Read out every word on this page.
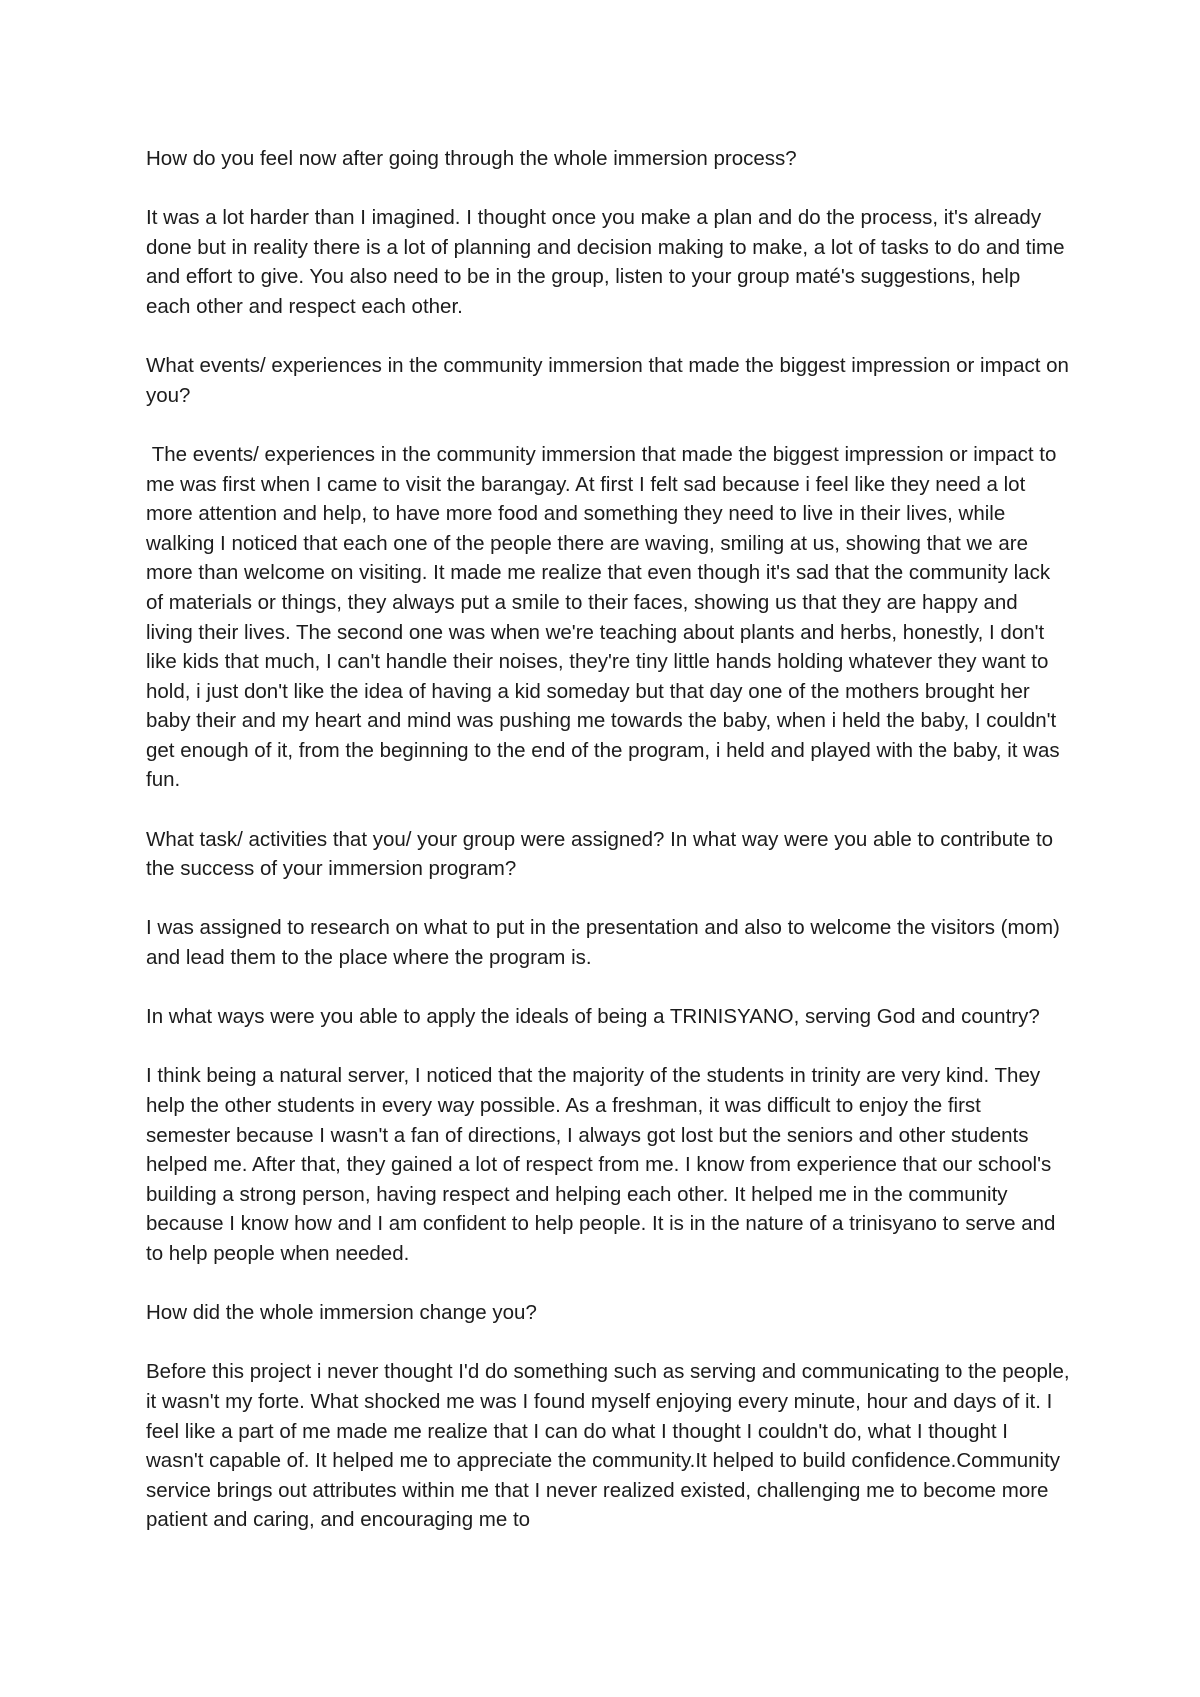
How do you feel now after going through the whole immersion process?

It was a lot harder than I imagined. I thought once you make a plan and do the process, it's already done but in reality there is a lot of planning and decision making to make, a lot of tasks to do and time and effort to give. You also need to be in the group, listen to your group maté's suggestions, help each other and respect each other.

What events/ experiences in the community immersion that made the biggest impression or impact on you?

The events/ experiences in the community immersion that made the biggest impression or impact to me was first when I came to visit the barangay. At first I felt sad because i feel like they need a lot more attention and help, to have more food and something they need to live in their lives, while walking I noticed that each one of the people there are waving, smiling at us, showing that we are more than welcome on visiting. It made me realize that even though it's sad that the community lack of materials or things, they always put a smile to their faces, showing us that they are happy and living their lives. The second one was when we're teaching about plants and herbs, honestly, I don't like kids that much, I can't handle their noises, they're tiny little hands holding whatever they want to hold, i just don't like the idea of having a kid someday but that day one of the mothers brought her baby their and my heart and mind was pushing me towards the baby, when i held the baby, I couldn't get enough of it, from the beginning to the end of the program, i held and played with the baby, it was fun.

What task/ activities that you/ your group were assigned? In what way were you able to contribute to the success of your immersion program?

I was assigned to research on what to put in the presentation and also to welcome the visitors (mom) and lead them to the place where the program is.

In what ways were you able to apply the ideals of being a TRINISYANO, serving God and country?

I think being a natural server, I noticed that the majority of the students in trinity are very kind. They help the other students in every way possible. As a freshman, it was difficult to enjoy the first semester because I wasn't a fan of directions, I always got lost but the seniors and other students helped me. After that, they gained a lot of respect from me. I know from experience that our school's building a strong person, having respect and helping each other. It helped me in the community because I know how and I am confident to help people. It is in the nature of a trinisyano to serve and to help people when needed.

How did the whole immersion change you?

Before this project i never thought I'd do something such as serving and communicating to the people, it wasn't my forte. What shocked me was I found myself enjoying every minute, hour and days of it. I feel like a part of me made me realize that I can do what I thought I couldn't do, what I thought I wasn't capable of. It helped me to appreciate the community.It helped to build confidence.Community service brings out attributes within me that I never realized existed, challenging me to become more patient and caring, and encouraging me to
